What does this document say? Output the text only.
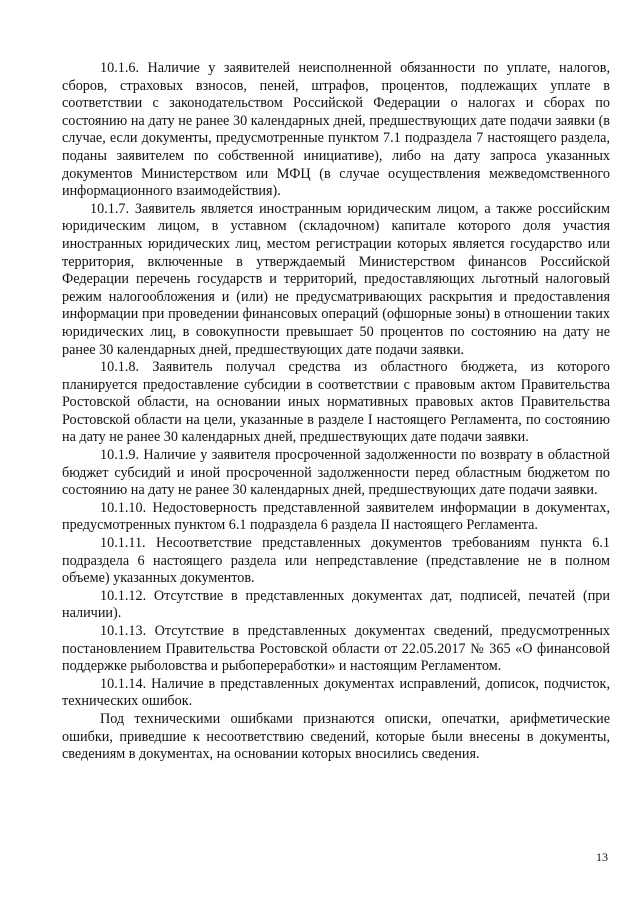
10.1.6. Наличие у заявителей неисполненной обязанности по уплате, налогов, сборов, страховых взносов, пеней, штрафов, процентов, подлежащих уплате в соответствии с законодательством Российской Федерации о налогах и сборах по состоянию на дату не ранее 30 календарных дней, предшествующих дате подачи заявки (в случае, если документы, предусмотренные пунктом 7.1 подраздела 7 настоящего раздела, поданы заявителем по собственной инициативе), либо на дату запроса указанных документов Министерством или МФЦ (в случае осуществления межведомственного информационного взаимодействия).

10.1.7. Заявитель является иностранным юридическим лицом, а также российским юридическим лицом, в уставном (складочном) капитале которого доля участия иностранных юридических лиц, местом регистрации которых является государство или территория, включенные в утверждаемый Министерством финансов Российской Федерации перечень государств и территорий, предоставляющих льготный налоговый режим налогообложения и (или) не предусматривающих раскрытия и предоставления информации при проведении финансовых операций (офшорные зоны) в отношении таких юридических лиц, в совокупности превышает 50 процентов по состоянию на дату не ранее 30 календарных дней, предшествующих дате подачи заявки.

10.1.8. Заявитель получал средства из областного бюджета, из которого планируется предоставление субсидии в соответствии с правовым актом Правительства Ростовской области, на основании иных нормативных правовых актов Правительства Ростовской области на цели, указанные в разделе I настоящего Регламента, по состоянию на дату не ранее 30 календарных дней, предшествующих дате подачи заявки.

10.1.9. Наличие у заявителя просроченной задолженности по возврату в областной бюджет субсидий и иной просроченной задолженности перед областным бюджетом по состоянию на дату не ранее 30 календарных дней, предшествующих дате подачи заявки.

10.1.10. Недостоверность представленной заявителем информации в документах, предусмотренных пунктом 6.1 подраздела 6 раздела II настоящего Регламента.

10.1.11. Несоответствие представленных документов требованиям пункта 6.1 подраздела 6 настоящего раздела или непредставление (представление не в полном объеме) указанных документов.

10.1.12. Отсутствие в представленных документах дат, подписей, печатей (при наличии).

10.1.13. Отсутствие в представленных документах сведений, предусмотренных постановлением Правительства Ростовской области от 22.05.2017 № 365 «О финансовой поддержке рыболовства и рыбопереработки» и настоящим Регламентом.

10.1.14. Наличие в представленных документах исправлений, дописок, подчисток, технических ошибок.

Под техническими ошибками признаются описки, опечатки, арифметические ошибки, приведшие к несоответствию сведений, которые были внесены в документы, сведениям в документах, на основании которых вносились сведения.

13
